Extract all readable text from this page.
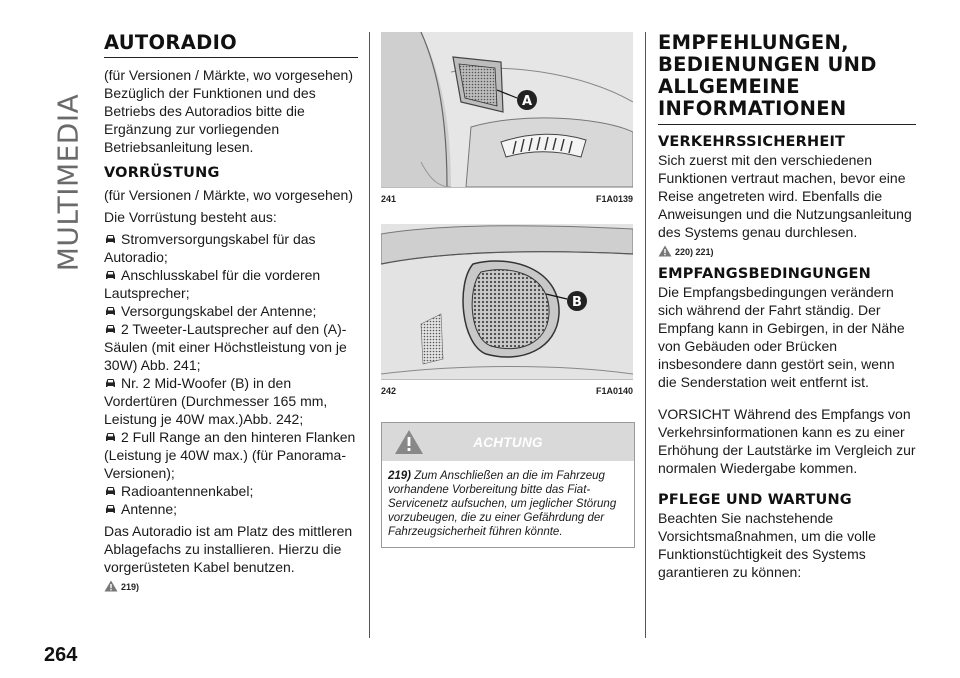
MULTIMEDIA
264
AUTORADIO

(für Versionen / Märkte, wo vorgesehen)

Bezüglich der Funktionen und des Betriebs des Autoradios bitte die Ergänzung zur vorliegenden Betriebsanleitung lesen.

VORRÜSTUNG

(für Versionen / Märkte, wo vorgesehen)

Die Vorrüstung besteht aus:

Stromversorgungskabel für das Autoradio;
Anschlusskabel für die vorderen Lautsprecher;
Versorgungskabel der Antenne;
2 Tweeter-Lautsprecher auf den (A)-Säulen (mit einer Höchstleistung von je 30W) Abb. 241;
Nr. 2 Mid-Woofer (B) in den Vordertüren (Durchmesser 165 mm, Leistung je 40W max.)Abb. 242;
2 Full Range an den hinteren Flanken (Leistung je 40W max.) (für Panorama-Versionen);
Radioantennenkabel;
Antenne;

Das Autoradio ist am Platz des mittleren Ablagefachs zu installieren. Hierzu die vorgerüsteten Kabel benutzen.

219)
A
241	F1A0139
B
242	F1A0140
ACHTUNG

219) Zum Anschließen an die im Fahrzeug vorhandene Vorbereitung bitte das Fiat-Servicenetz aufsuchen, um jeglicher Störung vorzubeugen, die zu einer Gefährdung der Fahrzeugsicherheit führen könnte.

EMPFEHLUNGEN, BEDIENUNGEN UND ALLGEMEINE INFORMATIONEN
VERKEHRSSICHERHEIT

Sich zuerst mit den verschiedenen Funktionen vertraut machen, bevor eine Reise angetreten wird. Ebenfalls die Anweisungen und die Nutzungsanleitung des Systems genau durchlesen.

220) 221)
EMPFANGSBEDINGUNGEN

Die Empfangsbedingungen verändern sich während der Fahrt ständig. Der Empfang kann in Gebirgen, in der Nähe von Gebäuden oder Brücken insbesondere dann gestört sein, wenn die Senderstation weit entfernt ist.

VORSICHT Während des Empfangs von Verkehrsinformationen kann es zu einer Erhöhung der Lautstärke im Vergleich zur normalen Wiedergabe kommen.

PFLEGE UND WARTUNG

Beachten Sie nachstehende Vorsichtsmaßnahmen, um die volle Funktionstüchtigkeit des Systems garantieren zu können:
